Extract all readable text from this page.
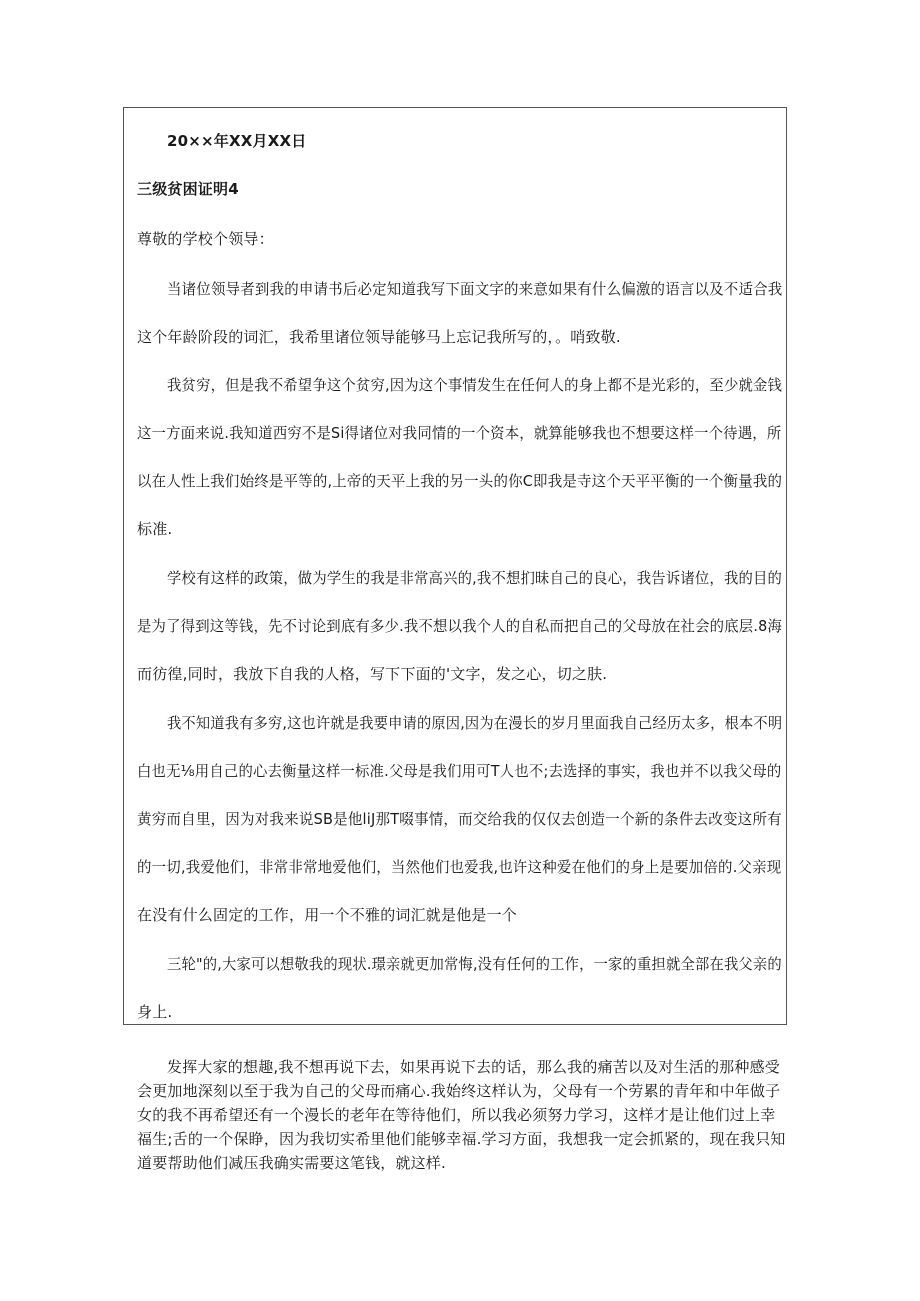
20××年XX月XX日
三级贫困证明4
尊敬的学校个领导：
当诸位领导者到我的申请书后必定知道我写下面文字的来意如果有什么偏激的语言以及不适合我
这个年龄阶段的词汇，我希里诸位领导能够马上忘记我所写的，。哨致敬.
我贫穷，但是我不希望争这个贫穷,因为这个事情发生在任何人的身上都不是光彩的，至少就金钱
这一方面来说.我知道西穷不是Si得诸位对我同情的一个资本，就算能够我也不想要这样一个待遇，所
以在人性上我们始终是平等的,上帝的天平上我的另一头的你C即我是寺这个天平平衡的一个衡量我的
标准.
学校有这样的政策，做为学生的我是非常高兴的,我不想扪昧自己的良心，我告诉诸位，我的目的
是为了得到这等钱，先不讨论到底有多少.我不想以我个人的自私而把自己的父母放在社会的底层.8海
而彷徨,同时，我放下自我的人格，写下下面的'文字，发之心，切之肤.
我不知道我有多穷,这也许就是我要申请的原因,因为在漫长的岁月里面我自己经历太多，根本不明
白也无⅛用自己的心去衡量这样一标准.父母是我们用可T人也不;去选择的事实，我也并不以我父母的
黄穷而自里，因为对我来说SB是他liJ那T啜事情，而交给我的仅仅去创造一个新的条件去改变这所有
的一切,我爱他们，非常非常地爱他们，当然他们也爱我,也许这种爱在他们的身上是要加倍的.父亲现
在没有什么固定的工作，用一个不雅的词汇就是他是一个
三轮"的,大家可以想敬我的现状.璟亲就更加常悔,没有任何的工作，一家的重担就全部在我父亲的
身上.
发挥大家的想趣,我不想再说下去，如果再说下去的话，那么我的痛苦以及对生活的那种感受会更加地深刻以至于我为自己的父母而痛心.我始终这样认为，父母有一个劳累的青年和中年做子女的我不再希望还有一个漫长的老年在等待他们，所以我必须努力学习，这样才是让他们过上幸福生;舌的一个保睁，因为我切实希里他们能够幸福.学习方面，我想我一定会抓紧的，现在我只知道要帮助他们减压我确实需要这笔钱，就这样.
